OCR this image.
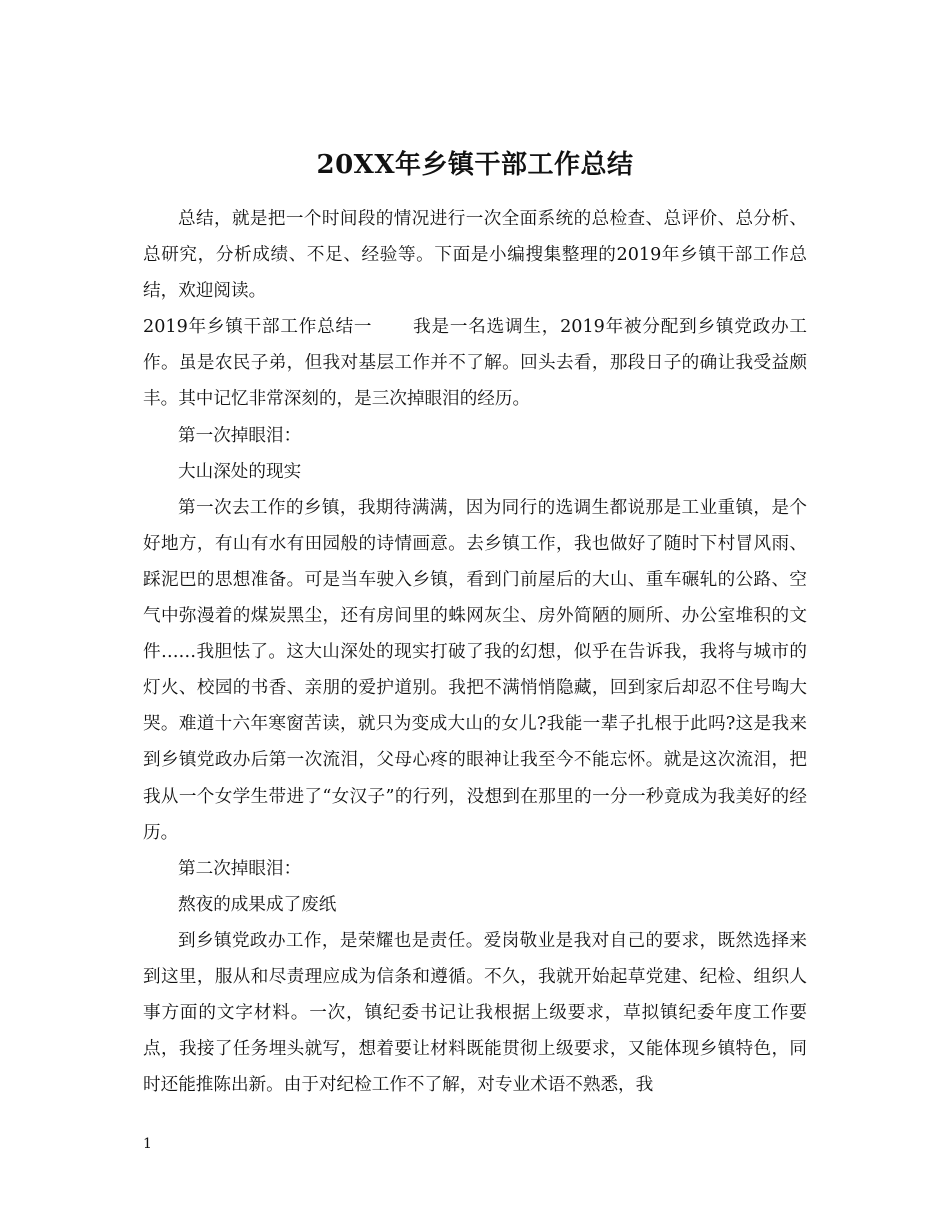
20XX年乡镇干部工作总结

总结，就是把一个时间段的情况进行一次全面系统的总检查、总评价、总分析、总研究，分析成绩、不足、经验等。下面是小编搜集整理的2019年乡镇干部工作总结，欢迎阅读。

2019年乡镇干部工作总结一 我是一名选调生，2019年被分配到乡镇党政办工作。虽是农民子弟，但我对基层工作并不了解。回头去看，那段日子的确让我受益颇丰。其中记忆非常深刻的，是三次掉眼泪的经历。

第一次掉眼泪：

大山深处的现实

第一次去工作的乡镇，我期待满满，因为同行的选调生都说那是工业重镇，是个好地方，有山有水有田园般的诗情画意。去乡镇工作，我也做好了随时下村冒风雨、踩泥巴的思想准备。可是当车驶入乡镇，看到门前屋后的大山、重车碾轧的公路、空气中弥漫着的煤炭黑尘，还有房间里的蛛网灰尘、房外简陋的厕所、办公室堆积的文件……我胆怯了。这大山深处的现实打破了我的幻想，似乎在告诉我，我将与城市的灯火、校园的书香、亲朋的爱护道别。我把不满悄悄隐藏，回到家后却忍不住号啕大哭。难道十六年寒窗苦读，就只为变成大山的女儿?我能一辈子扎根于此吗?这是我来到乡镇党政办后第一次流泪，父母心疼的眼神让我至今不能忘怀。就是这次流泪，把我从一个女学生带进了“女汉子”的行列，没想到在那里的一分一秒竟成为我美好的经历。

第二次掉眼泪：

熬夜的成果成了废纸

到乡镇党政办工作，是荣耀也是责任。爱岗敬业是我对自己的要求，既然选择来到这里，服从和尽责理应成为信条和遵循。不久，我就开始起草党建、纪检、组织人事方面的文字材料。一次，镇纪委书记让我根据上级要求，草拟镇纪委年度工作要点，我接了任务埋头就写，想着要让材料既能贯彻上级要求，又能体现乡镇特色，同时还能推陈出新。由于对纪检工作不了解，对专业术语不熟悉，我

1
